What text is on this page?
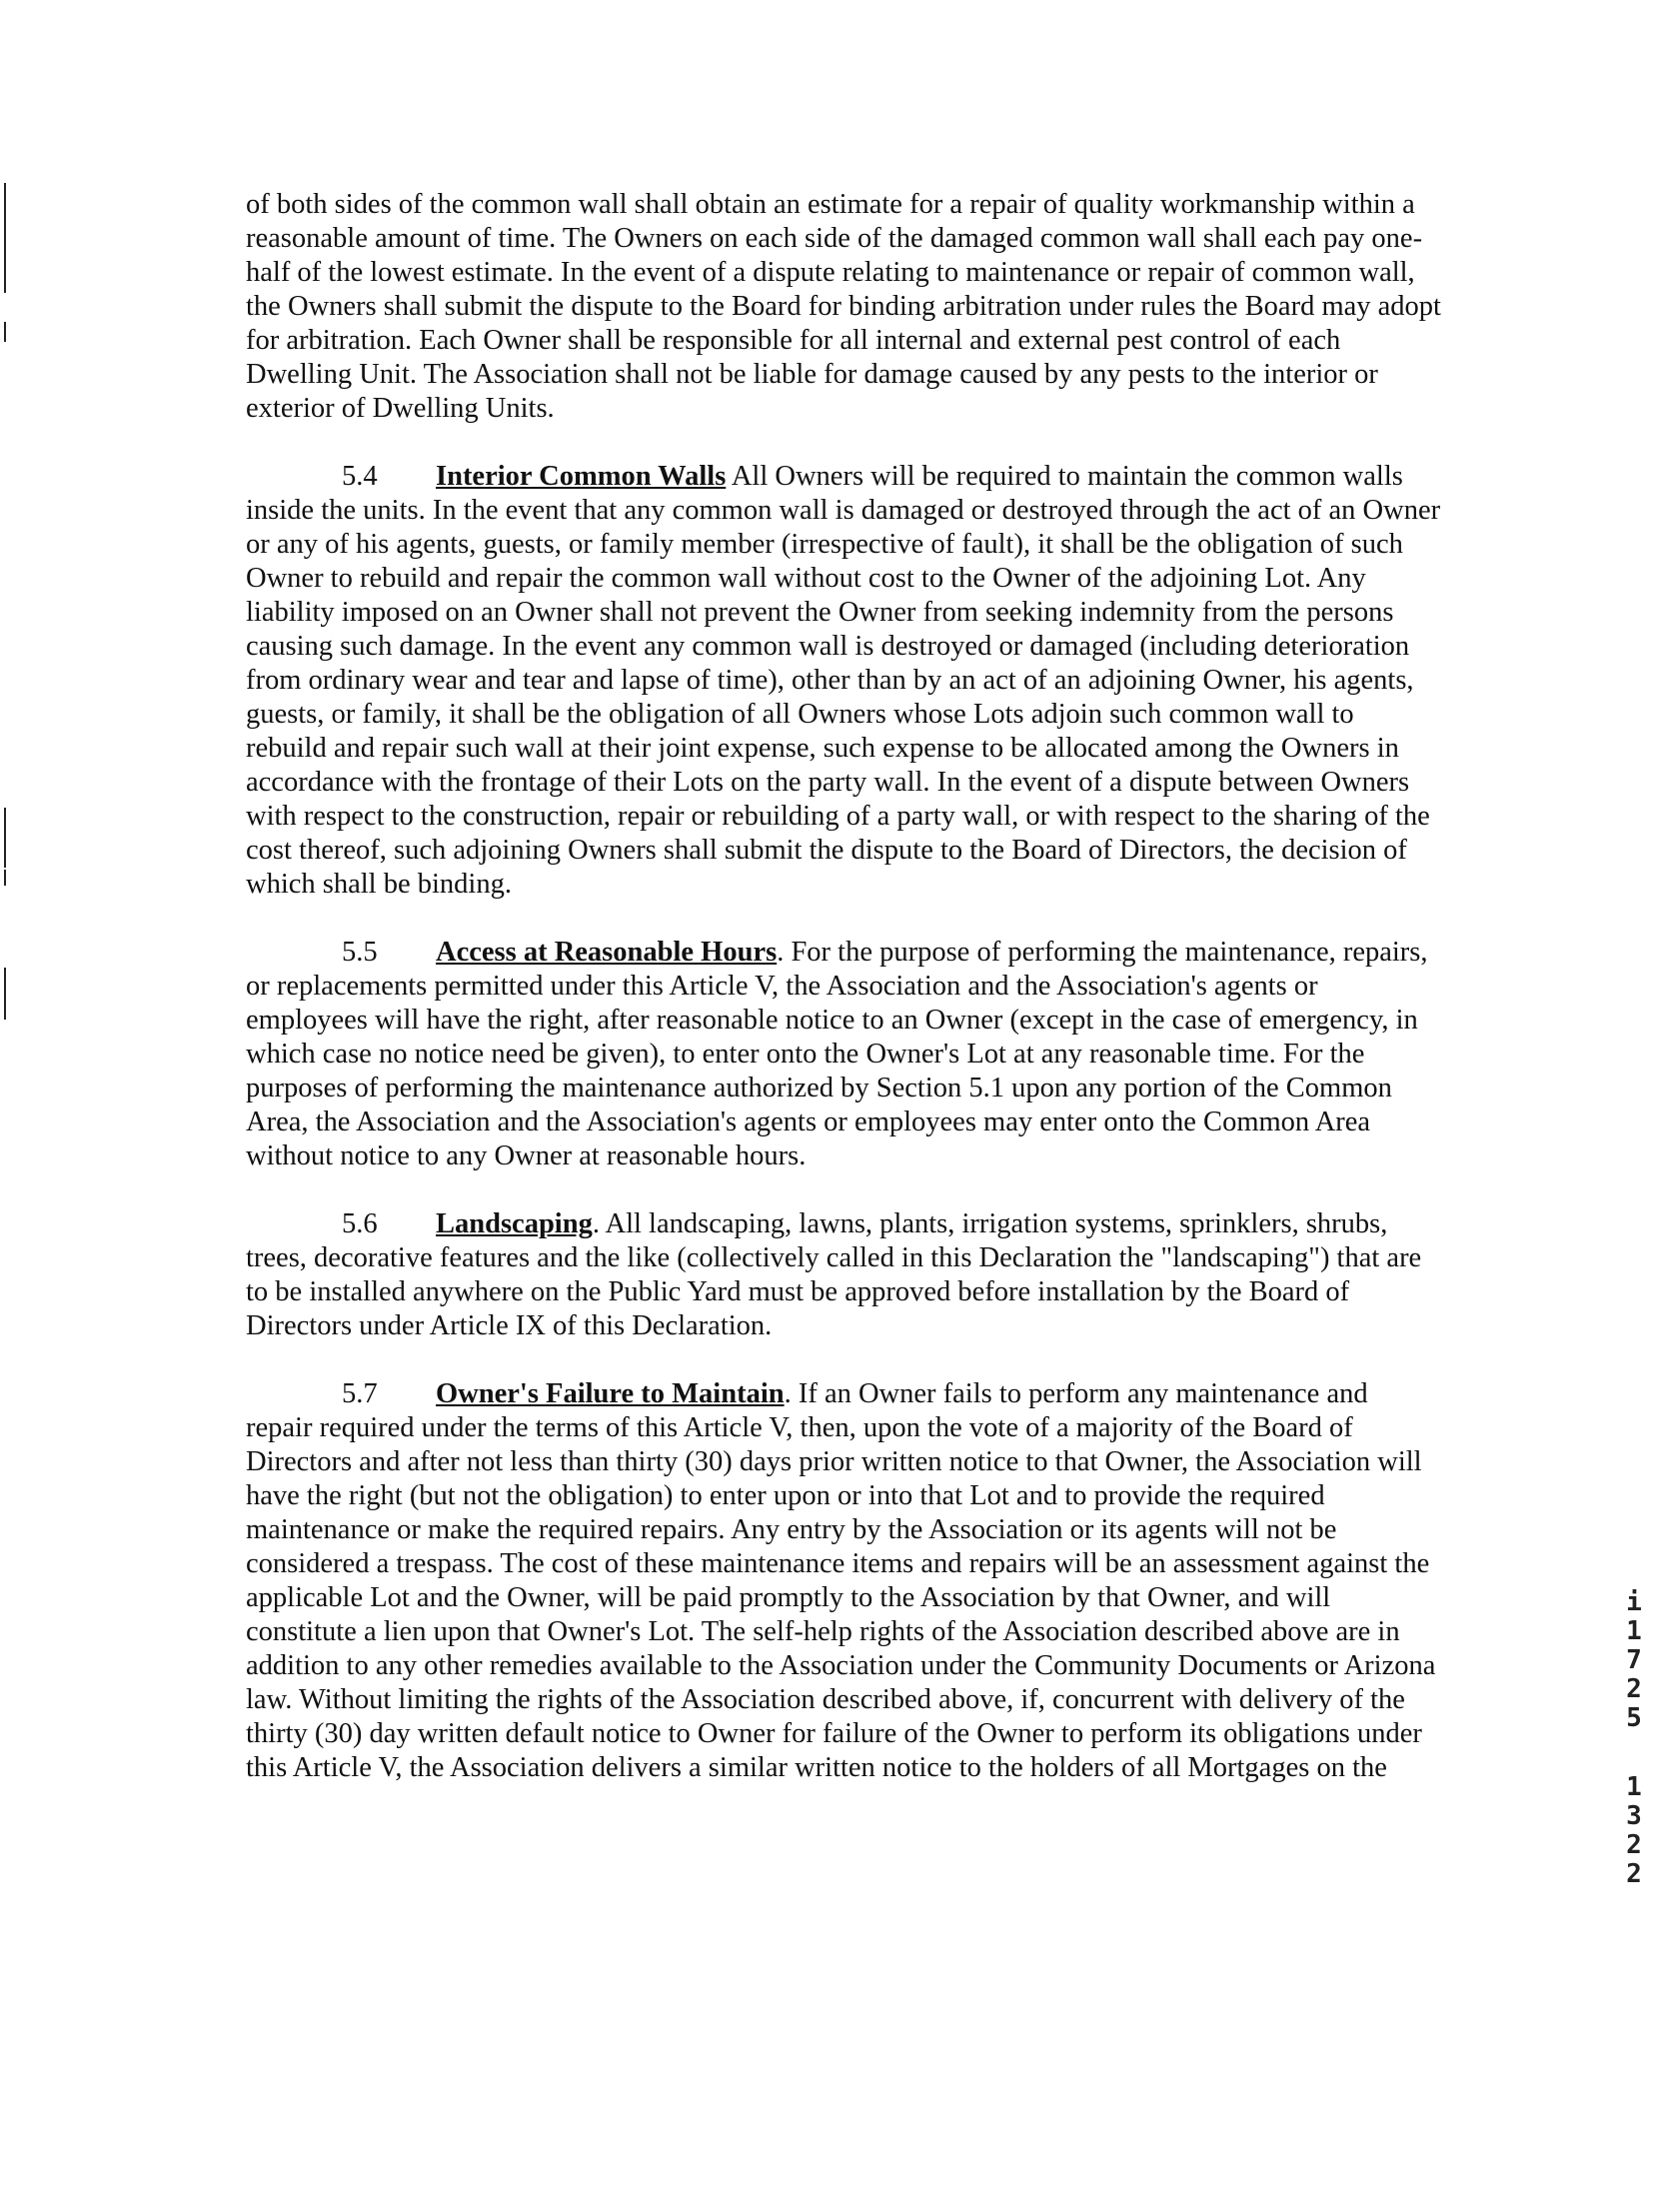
of both sides of the common wall shall obtain an estimate for a repair of quality workmanship within a reasonable amount of time. The Owners on each side of the damaged common wall shall each pay one-half of the lowest estimate. In the event of a dispute relating to maintenance or repair of common wall, the Owners shall submit the dispute to the Board for binding arbitration under rules the Board may adopt for arbitration. Each Owner shall be responsible for all internal and external pest control of each Dwelling Unit. The Association shall not be liable for damage caused by any pests to the interior or exterior of Dwelling Units.

5.4 Interior Common Walls All Owners will be required to maintain the common walls inside the units. In the event that any common wall is damaged or destroyed through the act of an Owner or any of his agents, guests, or family member (irrespective of fault), it shall be the obligation of such Owner to rebuild and repair the common wall without cost to the Owner of the adjoining Lot. Any liability imposed on an Owner shall not prevent the Owner from seeking indemnity from the persons causing such damage. In the event any common wall is destroyed or damaged (including deterioration from ordinary wear and tear and lapse of time), other than by an act of an adjoining Owner, his agents, guests, or family, it shall be the obligation of all Owners whose Lots adjoin such common wall to rebuild and repair such wall at their joint expense, such expense to be allocated among the Owners in accordance with the frontage of their Lots on the party wall. In the event of a dispute between Owners with respect to the construction, repair or rebuilding of a party wall, or with respect to the sharing of the cost thereof, such adjoining Owners shall submit the dispute to the Board of Directors, the decision of which shall be binding.

5.5 Access at Reasonable Hours. For the purpose of performing the maintenance, repairs, or replacements permitted under this Article V, the Association and the Association's agents or employees will have the right, after reasonable notice to an Owner (except in the case of emergency, in which case no notice need be given), to enter onto the Owner's Lot at any reasonable time. For the purposes of performing the maintenance authorized by Section 5.1 upon any portion of the Common Area, the Association and the Association's agents or employees may enter onto the Common Area without notice to any Owner at reasonable hours.

5.6 Landscaping. All landscaping, lawns, plants, irrigation systems, sprinklers, shrubs, trees, decorative features and the like (collectively called in this Declaration the "landscaping") that are to be installed anywhere on the Public Yard must be approved before installation by the Board of Directors under Article IX of this Declaration.

5.7 Owner's Failure to Maintain. If an Owner fails to perform any maintenance and repair required under the terms of this Article V, then, upon the vote of a majority of the Board of Directors and after not less than thirty (30) days prior written notice to that Owner, the Association will have the right (but not the obligation) to enter upon or into that Lot and to provide the required maintenance or make the required repairs. Any entry by the Association or its agents will not be considered a trespass. The cost of these maintenance items and repairs will be an assessment against the applicable Lot and the Owner, will be paid promptly to the Association by that Owner, and will constitute a lien upon that Owner's Lot. The self-help rights of the Association described above are in addition to any other remedies available to the Association under the Community Documents or Arizona law. Without limiting the rights of the Association described above, if, concurrent with delivery of the thirty (30) day written default notice to Owner for failure of the Owner to perform its obligations under this Article V, the Association delivers a similar written notice to the holders of all Mortgages on the

i
1
7
2
5
1
3
2
2
